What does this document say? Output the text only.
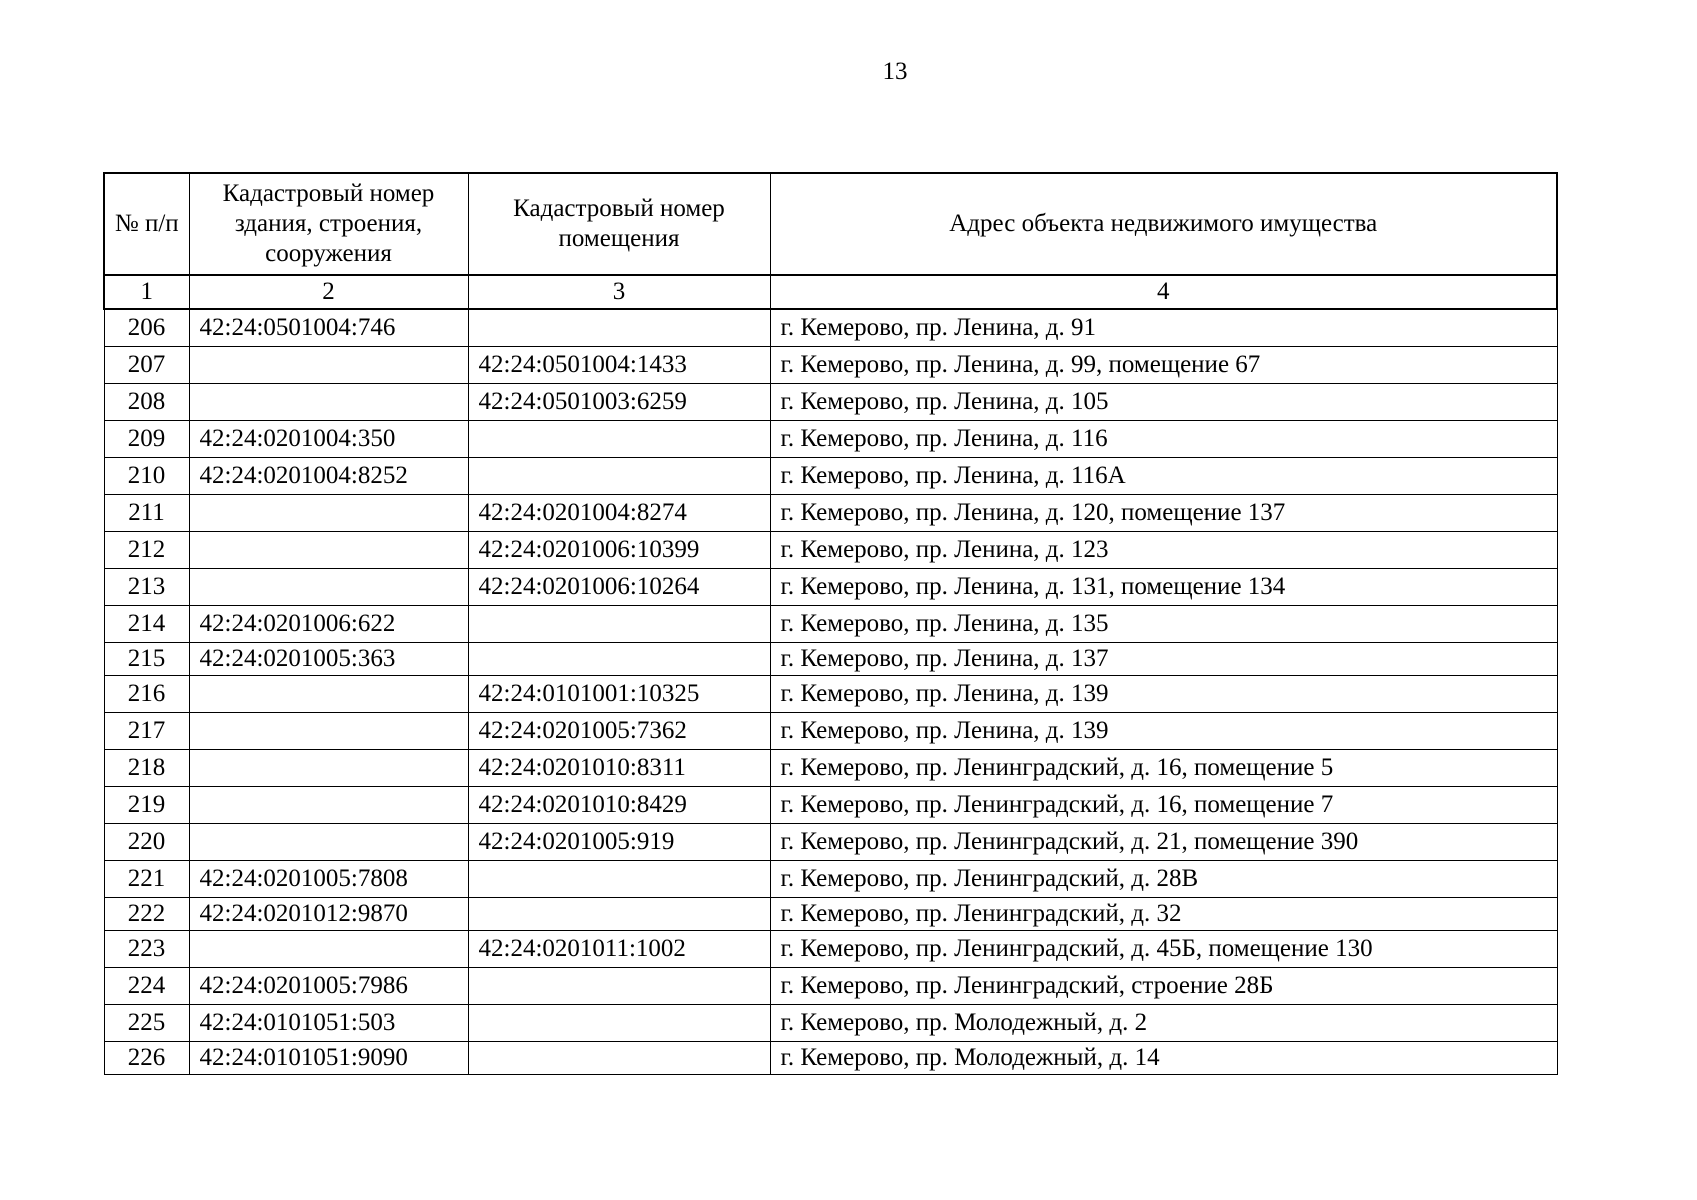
13
№ п/п	Кадастровый номер здания, строения, сооружения	Кадастровый номер помещения	Адрес объекта недвижимого имущества
1	2	3	4
206	42:24:0501004:746		г. Кемерово, пр. Ленина, д. 91
207		42:24:0501004:1433	г. Кемерово, пр. Ленина, д. 99, помещение 67
208		42:24:0501003:6259	г. Кемерово, пр. Ленина, д. 105
209	42:24:0201004:350		г. Кемерово, пр. Ленина, д. 116
210	42:24:0201004:8252		г. Кемерово, пр. Ленина, д. 116А
211		42:24:0201004:8274	г. Кемерово, пр. Ленина, д. 120, помещение 137
212		42:24:0201006:10399	г. Кемерово, пр. Ленина, д. 123
213		42:24:0201006:10264	г. Кемерово, пр. Ленина, д. 131, помещение 134
214	42:24:0201006:622		г. Кемерово, пр. Ленина, д. 135
215	42:24:0201005:363		г. Кемерово, пр. Ленина, д. 137
216		42:24:0101001:10325	г. Кемерово, пр. Ленина, д. 139
217		42:24:0201005:7362	г. Кемерово, пр. Ленина, д. 139
218		42:24:0201010:8311	г. Кемерово, пр. Ленинградский, д. 16, помещение 5
219		42:24:0201010:8429	г. Кемерово, пр. Ленинградский, д. 16, помещение 7
220		42:24:0201005:919	г. Кемерово, пр. Ленинградский, д. 21, помещение 390
221	42:24:0201005:7808		г. Кемерово, пр. Ленинградский, д. 28В
222	42:24:0201012:9870		г. Кемерово, пр. Ленинградский, д. 32
223		42:24:0201011:1002	г. Кемерово, пр. Ленинградский, д. 45Б, помещение 130
224	42:24:0201005:7986		г. Кемерово, пр. Ленинградский, строение 28Б
225	42:24:0101051:503		г. Кемерово, пр. Молодежный, д. 2
226	42:24:0101051:9090		г. Кемерово, пр. Молодежный, д. 14
